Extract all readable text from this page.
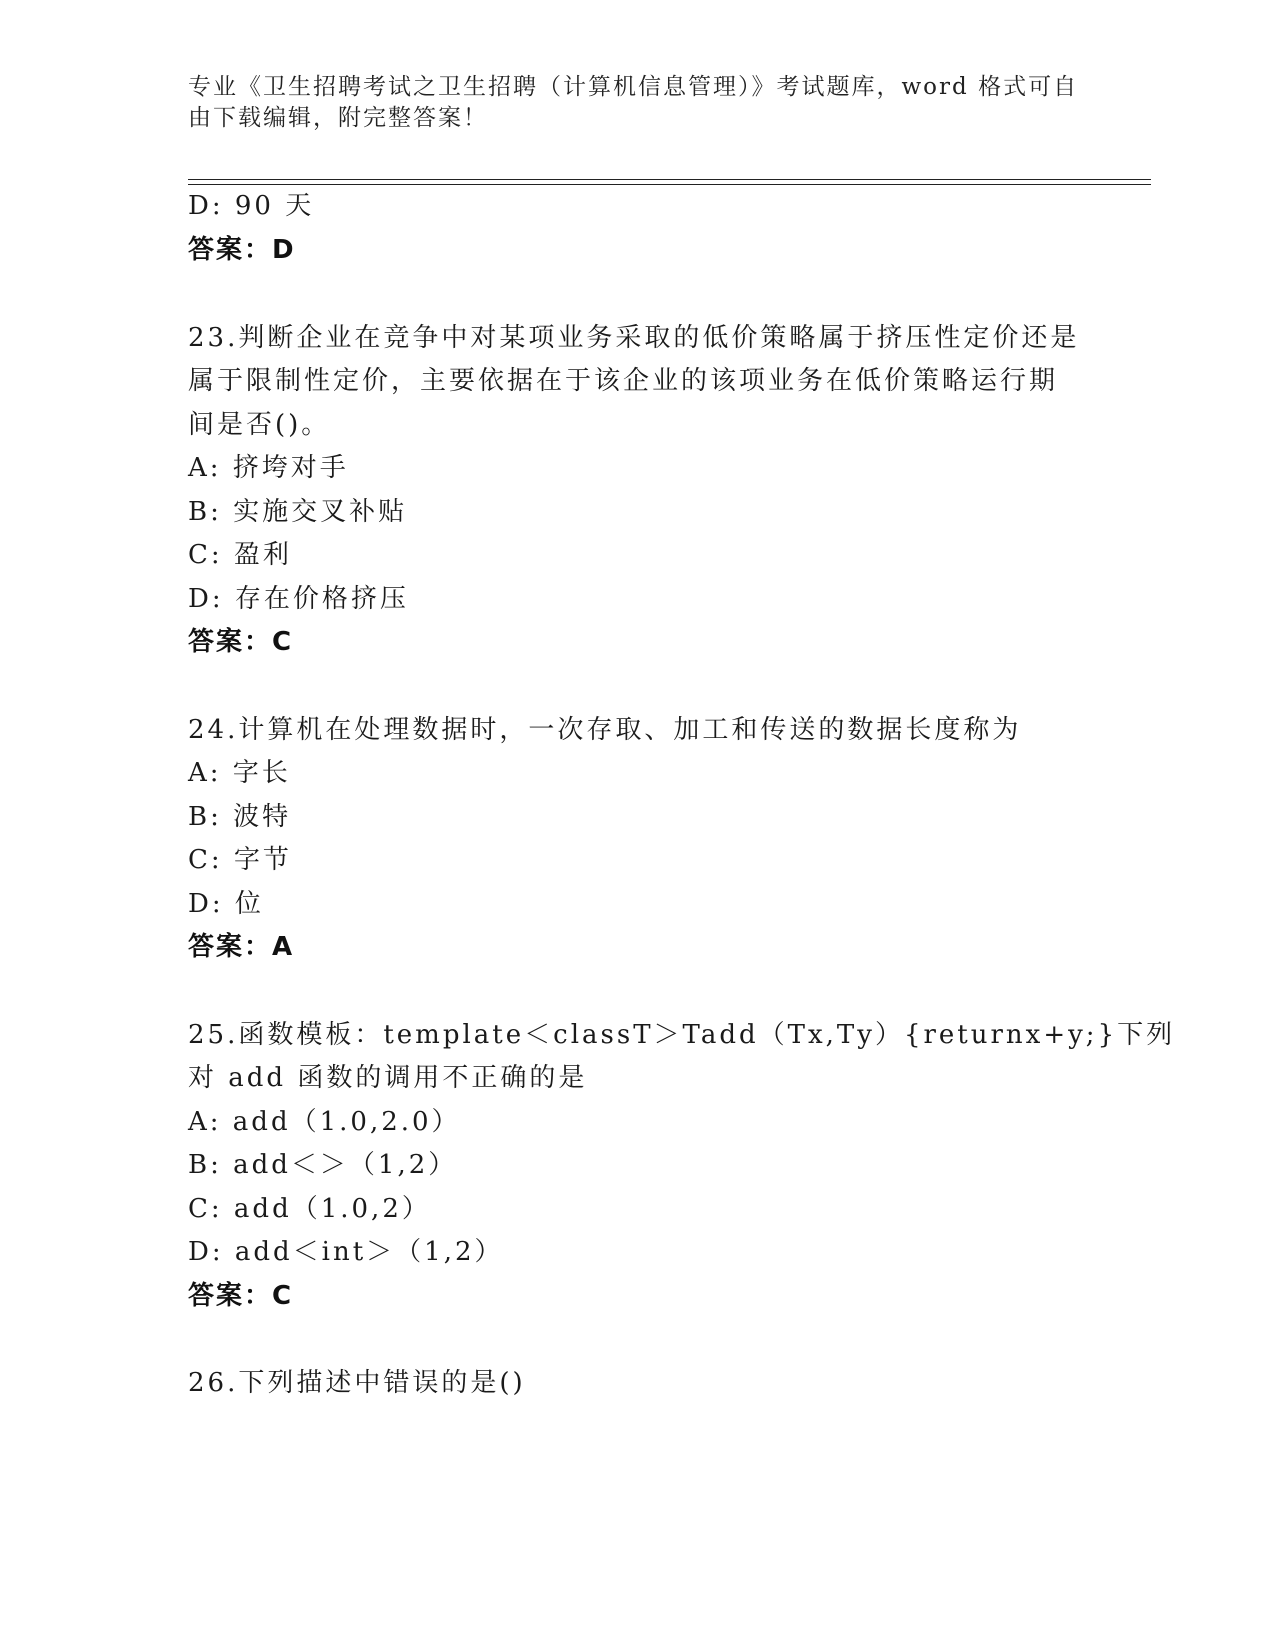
专业《卫生招聘考试之卫生招聘（计算机信息管理）》考试题库，word 格式可自
由下载编辑，附完整答案！
D: 90 天
答案：D
23.判断企业在竞争中对某项业务采取的低价策略属于挤压性定价还是
属于限制性定价，主要依据在于该企业的该项业务在低价策略运行期
间是否()。
A: 挤垮对手
B: 实施交叉补贴
C: 盈利
D: 存在价格挤压
答案：C
24.计算机在处理数据时，一次存取、加工和传送的数据长度称为
A: 字长
B: 波特
C: 字节
D: 位
答案：A
25.函数模板：template＜classT＞Tadd（Tx,Ty）{returnx+y;}下列
对 add 函数的调用不正确的是
A: add（1.0,2.0）
B: add＜＞（1,2）
C: add（1.0,2）
D: add＜int＞（1,2）
答案：C
26.下列描述中错误的是()
